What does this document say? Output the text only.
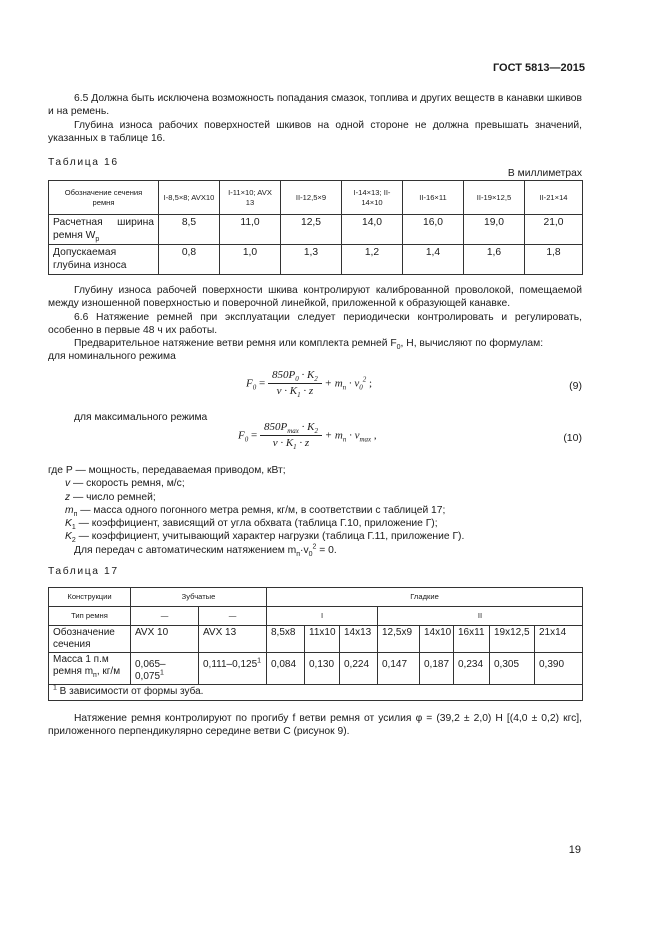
ГОСТ 5813—2015

6.5 Должна быть исключена возможность попадания смазок, топлива и других веществ в канавки шкивов и на ремень.

Глубина износа рабочих поверхностей шкивов на одной стороне не должна превышать значений, указанных в таблице 16.

Таблица 16
В миллиметрах
Обозначение сечения ремня	I-8,5×8; AVX10	I-11×10; AVX 13	II-12,5×9	I-14×13; II-14×10	II-16×11	II-19×12,5	II-21×14
Расчетная ширина ремня $W_р$	8,5	11,0	12,5	14,0	16,0	19,0	21,0
Допускаемая глубина износа	0,8	1,0	1,3	1,2	1,4	1,6	1,8

Глубину износа рабочей поверхности шкива контролируют калиброванной проволокой, помещаемой между изношенной поверхностью и поверочной линейкой, приложенной к образующей канавке.

6.6 Натяжение ремней при эксплуатации следует периодически контролировать и регулировать, особенно в первые 48 ч их работы.

Предварительное натяжение ветви ремня или комплекта ремней $F_0$, Н, вычисляют по формулам:

для номинального режима

$F_0 = \frac{850P_0 \cdot K_2}{v \cdot K_1 \cdot z} + m_п \cdot v_0^2$ ;	(9)
для максимального режима
$F_0 = \frac{850P_{max} \cdot K_2}{v \cdot K_1 \cdot z} + m_п \cdot v_{max}$ ,	(10)

где P — мощность, передаваемая приводом, кВт;

v — скорость ремня, м/с;

z — число ремней;

$m_п$ — масса одного погонного метра ремня, кг/м, в соответствии с таблицей 17;

$K_1$ — коэффициент, зависящий от угла обхвата (таблица Г.10, приложение Г);

$K_2$ — коэффициент, учитывающий характер нагрузки (таблица Г.11, приложение Г).

Для передач с автоматическим натяжением $m_п\cdot v_0^2 = 0$.

Таблица 17
Конструкции	Зубчатые		Гладкие							
Тип ремня	—	—	I			II				
Обозначение сечения	AVX 10	AVX 13	8,5х8	11х10	14х13	12,5х9	14х10	16х11	19х12,5	21х14
Масса 1 п.м
ремня $m_п$, кг/м	0,065–0,075$^1$	0,111–0,125$^1$	0,084	0,130	0,224	0,147	0,187	0,234	0,305	0,390
$^1$ В зависимости от формы зуба.										

Натяжение ремня контролируют по прогибу f ветви ремня от усилия φ = (39,2 ± 2,0) Н [(4,0 ± 0,2) кгс], приложенного перпендикулярно середине ветви C (рисунок 9).

19
